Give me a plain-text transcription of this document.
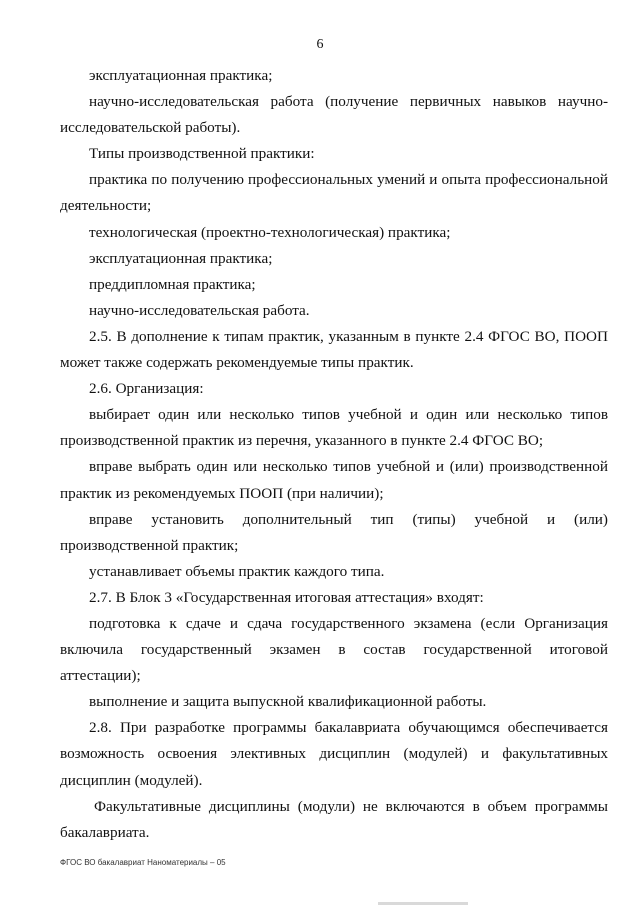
6

эксплуатационная практика;

научно-исследовательская работа (получение первичных навыков научно-исследовательской работы).

Типы производственной практики:

практика по получению профессиональных умений и опыта профессиональной деятельности;

технологическая (проектно-технологическая) практика;

эксплуатационная практика;

преддипломная практика;

научно-исследовательская работа.

2.5. В дополнение к типам практик, указанным в пункте 2.4 ФГОС ВО, ПООП может также содержать рекомендуемые типы практик.

2.6. Организация:

выбирает один или несколько типов учебной и один или несколько типов производственной практик из перечня, указанного в пункте 2.4 ФГОС ВО;

вправе выбрать один или несколько типов учебной и (или) производственной практик из рекомендуемых ПООП (при наличии);

вправе установить дополнительный тип (типы) учебной и (или) производственной практик;

устанавливает объемы практик каждого типа.

2.7. В Блок 3 «Государственная итоговая аттестация» входят:

подготовка к сдаче и сдача государственного экзамена (если Организация включила государственный экзамен в состав государственной итоговой аттестации);

выполнение и защита выпускной квалификационной работы.

2.8. При разработке программы бакалавриата обучающимся обеспечивается возможность освоения элективных дисциплин (модулей) и факультативных дисциплин (модулей).

Факультативные дисциплины (модули) не включаются в объем программы бакалавриата.

ФГОС ВО бакалавриат Наноматериалы – 05
